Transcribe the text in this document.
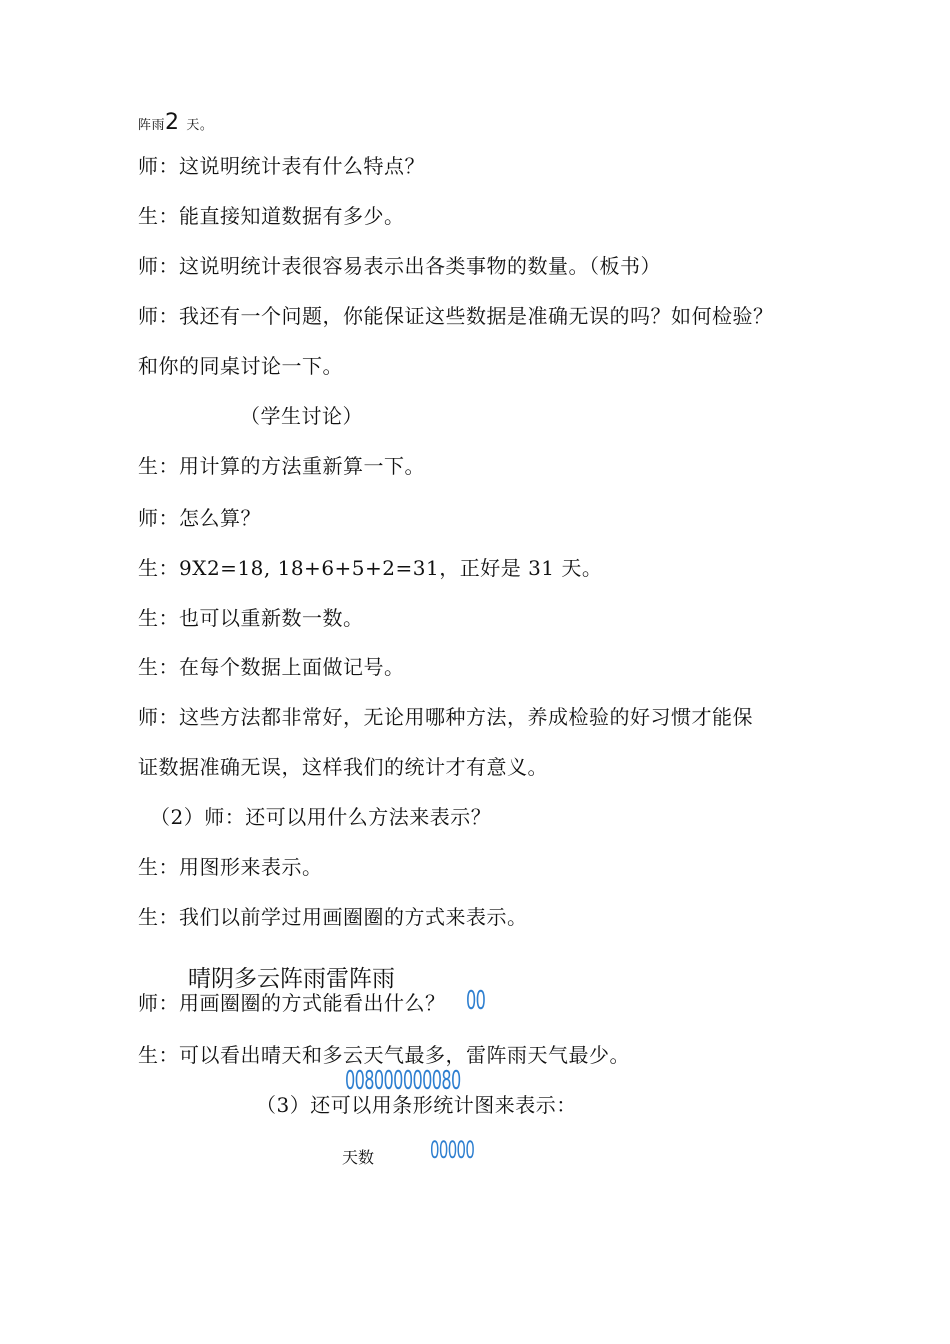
阵雨2 天。
师：这说明统计表有什么特点？
生：能直接知道数据有多少。
师：这说明统计表很容易表示出各类事物的数量。（板书）
师：我还有一个问题，你能保证这些数据是准确无误的吗？如何检验？
和你的同桌讨论一下。
（学生讨论）
生：用计算的方法重新算一下。
师：怎么算？
生：9X2=18, 18+6+5+2=31，正好是 31 天。
生：也可以重新数一数。
生：在每个数据上面做记号。
师：这些方法都非常好，无论用哪种方法，养成检验的好习惯才能保
证数据准确无误，这样我们的统计才有意义。
（2）师：还可以用什么方法来表示？
生：用图形来表示。
生：我们以前学过用画圈圈的方式来表示。
晴阴多云阵雨雷阵雨
师：用画圈圈的方式能看出什么？ 00
生：可以看出晴天和多云天气最多，雷阵雨天气最少。
008000000080
（3）还可以用条形统计图来表示：
00000
天数
